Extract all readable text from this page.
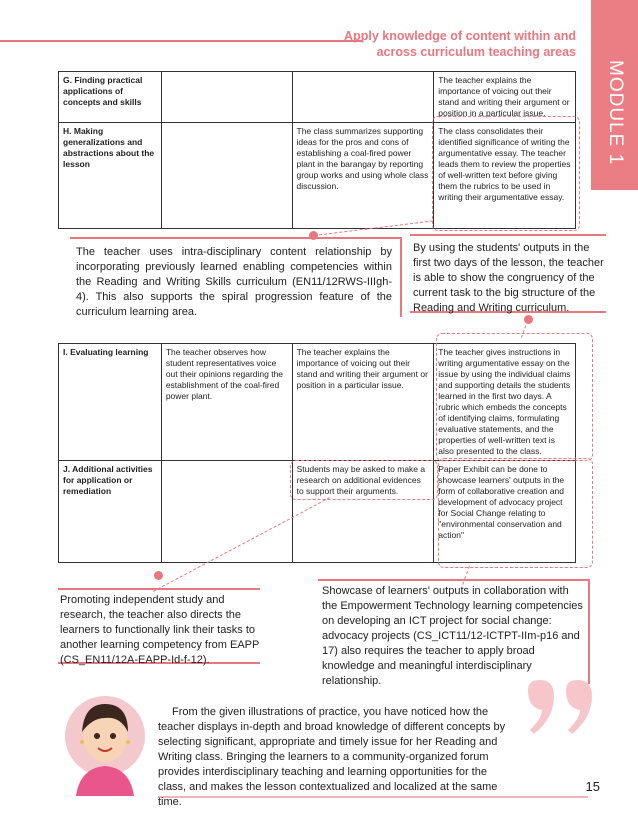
Apply knowledge of content within and
across curriculum teaching areas
MODULE 1
G. Finding practical applications of concepts and skills			The teacher explains the importance of voicing out their stand and writing their argument or position in a particular issue.
H. Making generalizations and abstractions about the lesson		The class summarizes supporting ideas for the pros and cons of establishing a coal-fired power plant in the barangay by reporting group works and using whole class discussion.	The class consolidates their identified significance of writing the argumentative essay. The teacher leads them to review the properties of well-written text before giving them the rubrics to be used in writing their argumentative essay.
The teacher uses intra-disciplinary content relationship by incorporating previously learned enabling competencies within the Reading and Writing Skills curriculum (EN11/12RWS-IIIgh-4). This also supports the spiral progression feature of the curriculum learning area.
By using the students' outputs in the first two days of the lesson, the teacher is able to show the congruency of the current task to the big structure of the Reading and Writing curriculum.
I. Evaluating learning	The teacher observes how student representatives voice out their opinions regarding the establishment of the coal-fired power plant.	The teacher explains the importance of voicing out their stand and writing their argument or position in a particular issue.	The teacher gives instructions in writing argumentative essay on the issue by using the individual claims and supporting details the students learned in the first two days. A rubric which embeds the concepts of identifying claims, formulating evaluative statements, and the properties of well-written text is also presented to the class.
J. Additional activities for application or remediation		Students may be asked to make a research on additional evidences to support their arguments.	Paper Exhibit can be done to showcase learners' outputs in the form of collaborative creation and development of advocacy project for Social Change relating to "environmental conservation and action"
Promoting independent study and research, the teacher also directs the learners to functionally link their tasks to another learning competency from EAPP (CS_EN11/12A-EAPP-Id-f-12).
Showcase of learners' outputs in collaboration with the Empowerment Technology learning competencies on developing an ICT project for social change: advocacy projects (CS_ICT11/12-ICTPT-IIm-p16 and 17) also requires the teacher to apply broad knowledge and meaningful interdisciplinary relationship.
From the given illustrations of practice, you have noticed how the teacher displays in-depth and broad knowledge of different concepts by selecting significant, appropriate and timely issue for her Reading and Writing class. Bringing the learners to a community-organized forum provides interdisciplinary teaching and learning opportunities for the class, and makes the lesson contextualized and localized at the same time.
15
